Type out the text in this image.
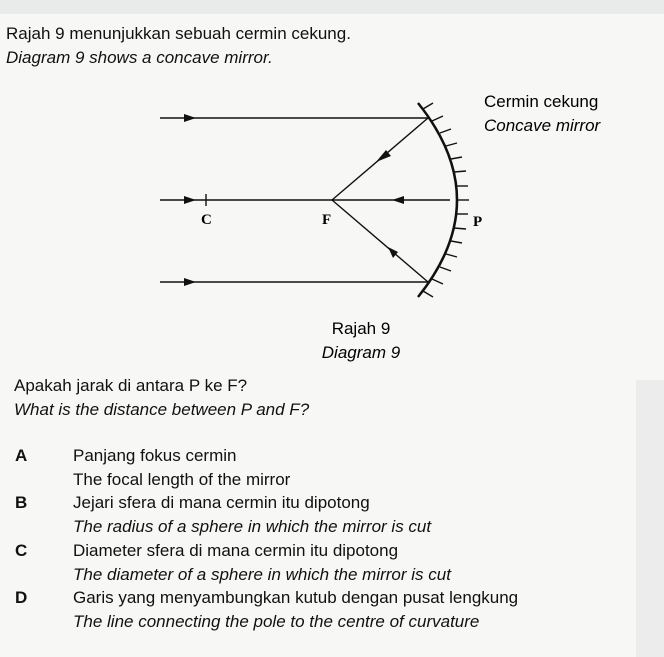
Rajah 9 menunjukkan sebuah cermin cekung.
Diagram 9 shows a concave mirror.
C	F	P
Cermin cekung
Concave mirror
Rajah 9
Diagram 9
Apakah jarak di antara P ke F?
What is the distance between P and F?
A	Panjang fokus cermin
The focal length of the mirror
B	Jejari sfera di mana cermin itu dipotong
The radius of a sphere in which the mirror is cut
C	Diameter sfera di mana cermin itu dipotong
The diameter of a sphere in which the mirror is cut
D	Garis yang menyambungkan kutub dengan pusat lengkung
The line connecting the pole to the centre of curvature
